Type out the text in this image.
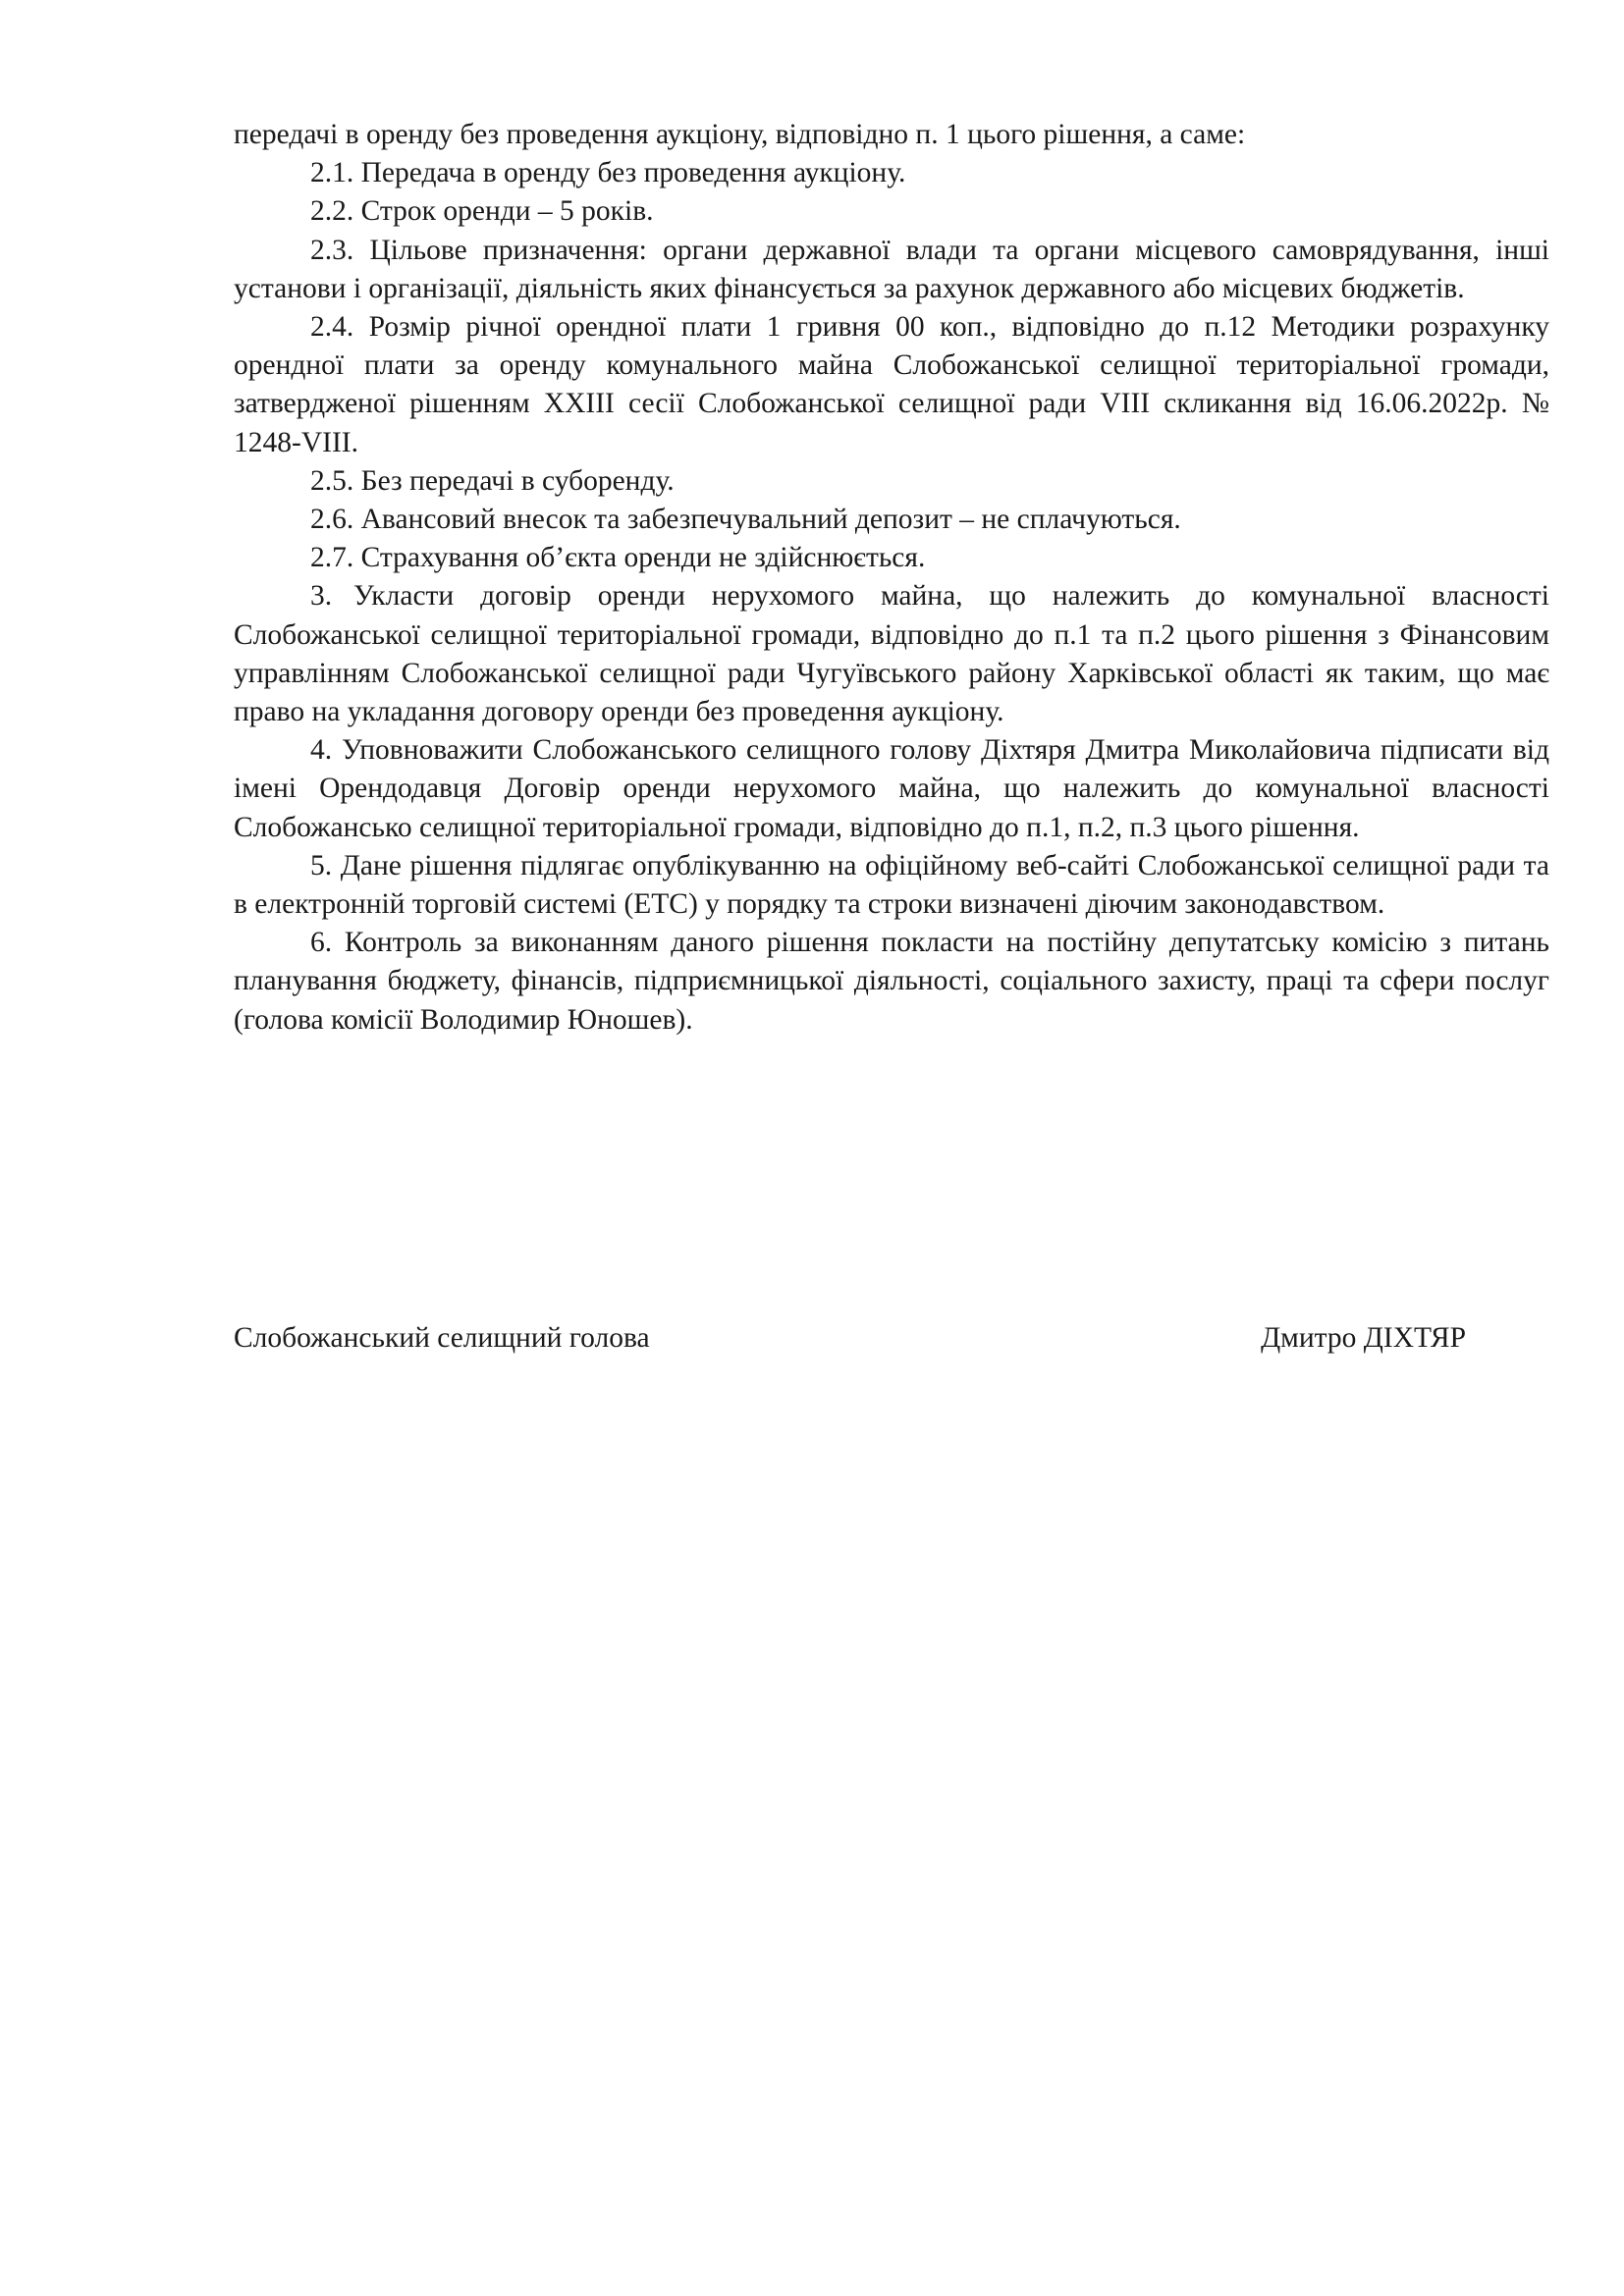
передачі в оренду без проведення аукціону, відповідно п. 1 цього рішення, а саме:

2.1. Передача в оренду без проведення аукціону.

2.2. Строк оренди – 5 років.

2.3. Цільове призначення: органи державної влади та органи місцевого самоврядування, інші установи і організації, діяльність яких фінансується за рахунок державного або місцевих бюджетів.

2.4. Розмір річної орендної плати 1 гривня 00 коп., відповідно до п.12 Методики розрахунку орендної плати за оренду комунального майна Слобожанської селищної територіальної громади, затвердженої рішенням XXIII сесії Слобожанської селищної ради VIII скликання від 16.06.2022р. № 1248-VIII.

2.5. Без передачі в суборенду.

2.6. Авансовий внесок та забезпечувальний депозит – не сплачуються.

2.7. Страхування об’єкта оренди не здійснюється.

3. Укласти договір оренди нерухомого майна, що належить до комунальної власності Слобожанської селищної територіальної громади, відповідно до п.1 та п.2 цього рішення з Фінансовим управлінням Слобожанської селищної ради Чугуївського району Харківської області як таким, що має право на укладання договору оренди без проведення аукціону.

4. Уповноважити Слобожанського селищного голову Діхтяря Дмитра Миколайовича підписати від імені Орендодавця Договір оренди нерухомого майна, що належить до комунальної власності Слобожансько селищної територіальної громади, відповідно до п.1, п.2, п.3 цього рішення.

5. Дане рішення підлягає опублікуванню на офіційному веб-сайті Слобожанської селищної ради та в електронній торговій системі (ЕТС) у порядку та строки визначені діючим законодавством.

6. Контроль за виконанням даного рішення покласти на постійну депутатську комісію з питань планування бюджету, фінансів, підприємницької діяльності, соціального захисту, праці та сфери послуг (голова комісії Володимир Юношев).

Слобожанський селищний голова	Дмитро ДІХТЯР
